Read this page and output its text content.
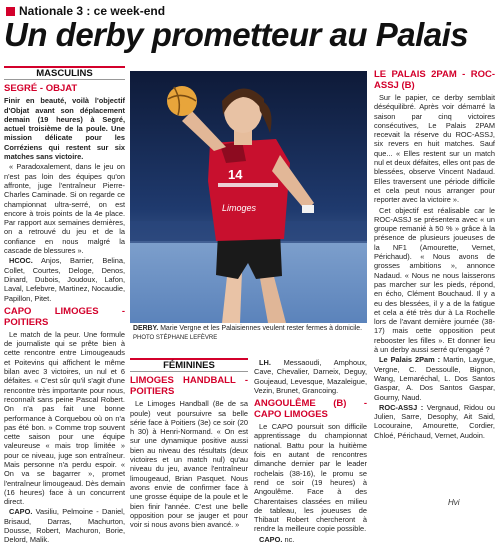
Nationale 3 : ce week-end
Un derby prometteur au Palais
MASCULINS
SEGRÉ - OBJAT

Finir en beauté, voilà l'objectif d'Objat avant son déplacement demain (19 heures) à Segré, actuel troisième de la poule. Une mission délicate pour les Corréziens qui restent sur six matches sans victoire.

« Paradoxalement, dans le jeu on n'est pas loin des équipes qu'on affronte, juge l'entraîneur Pierre-Charles Caminade. Si on regarde ce championnat ultra-serré, on est encore à trois points de la 4e place. Par rapport aux semaines dernières, on a retrouvé du jeu et de la confiance en nous malgré la cascade de blessures ».

HCOC. Anjos, Barrier, Belina, Collet, Courtes, Deloge, Denos, Dinard, Dubois, Joudoux, Lafon, Laval, Lefebvre, Martinez, Nocaudie, Papillon, Pitet.

CAPO LIMOGES - POITIERS

Le match de la peur. Une formule de journaliste qui se prête bien à cette rencontre entre Limougeauds et Poitevins qui affichent le même bilan avec 3 victoires, un nul et 6 défaites. « C'est sûr qu'il s'agit d'une rencontre très importante pour nous, reconnaît sans peine Pascal Robert. On n'a pas fait une bonne performance à Corquebou où on n'a pas été bon. » Comme trop souvent cette saison pour une équipe valeureuse « mais trop limitée » pour ce niveau, juge son entraîneur. Mais personne n'a perdu espoir. « On va se bagarrer », promet l'entraîneur limougeaud. Dès demain (16 heures) face à un concurrent direct.

CAPO. Vasiliu, Pelmoine - Daniel, Brisaud, Darras, Machurton, Dousse, Robert, Machuron, Borie, Delord, Malik.

14
Limoges
DERBY. Marie Vergne et les Palaisiennes veulent rester fermes à domicile. PHOTO STÉPHANE LEFÈVRE
FÉMININES
LIMOGES HANDBALL - POITIERS

Le Limoges Handball (8e de sa poule) veut poursuivre sa belle série face à Poitiers (3e) ce soir (20 h 30) à Henri-Normand. « On est sur une dynamique positive aussi bien au niveau des résultats (deux victoires et un match nul) qu'au niveau du jeu, avance l'entraîneur limougeaud, Brian Pasquet. Nous avons envie de confirmer face à une grosse équipe de la poule et le bien finir l'année. C'est une belle opposition pour se jauger et pour voir si nous avons bien avancé. »

LH. Messaoudi, Amphoux, Cave, Chevalier, Darneix, Deguy, Goujeaud, Levesque, Mazaleigue, Vezin, Brunet, Grancoing.

ANGOULÊME (B) - CAPO LIMOGES

Le CAPO poursuit son difficile apprentissage du championnat national. Battu pour la huitième fois en autant de rencontres dimanche dernier par le leader rochelais (38-16), le promu se rend ce soir (19 heures) à Angoulême. Face à des Charentaises classées en milieu de tableau, les joueuses de Thibaut Robert chercheront à rendre la meilleure copie possible.

CAPO. nc.

LE PALAIS 2PAM - ROC-ASSJ (B)

Sur le papier, ce derby semblait déséquilibré. Après voir démarré la saison par cinq victoires consécutives, Le Palais 2PAM recevait la réserve du ROC-ASSJ, six revers en huit matches. Sauf que... « Elles restent sur un match nul et deux défaites, elles ont pas de blessées, observe Vincent Nadaud. Elles traversent une période difficile et cela peut nous arranger pour reporter avec la victoire ».

Cet objectif est réalisable car le ROC-ASSJ se présentera avec « un groupe remanié à 50 % » grâce à la présence de plusieurs joueuses de la NF1 (Amourette, Vernet, Périchaud). « Nous avons de grosses ambitions », annonce Nadaud. « Nous ne nous laisserons pas marcher sur les pieds, répond, en écho, Clément Bouchaud. Il y a eu des blessées, il y a de la fatigue et cela a été très dur à La Rochelle lors de l'avant dernière journée (38-17) mais cette opposition peut rebooster les filles ». Et donner lieu à un derby aussi serré qu'engagé ?

Le Palais 2Pam : Martin, Laygue, Vergne, C. Dessoulle, Bignon, Wang, Lemaréchal, L. Dos Santos Gaspar, A. Dos Santos Gaspar, Gourny, Naud.

ROC-ASSJ : Vergnaud, Ridou ou Julien, Sarre, Desophy, Ait Said, Locouraine, Amourette, Cordier, Chloé, Périchaud, Vernet, Audoin.

Hvi
